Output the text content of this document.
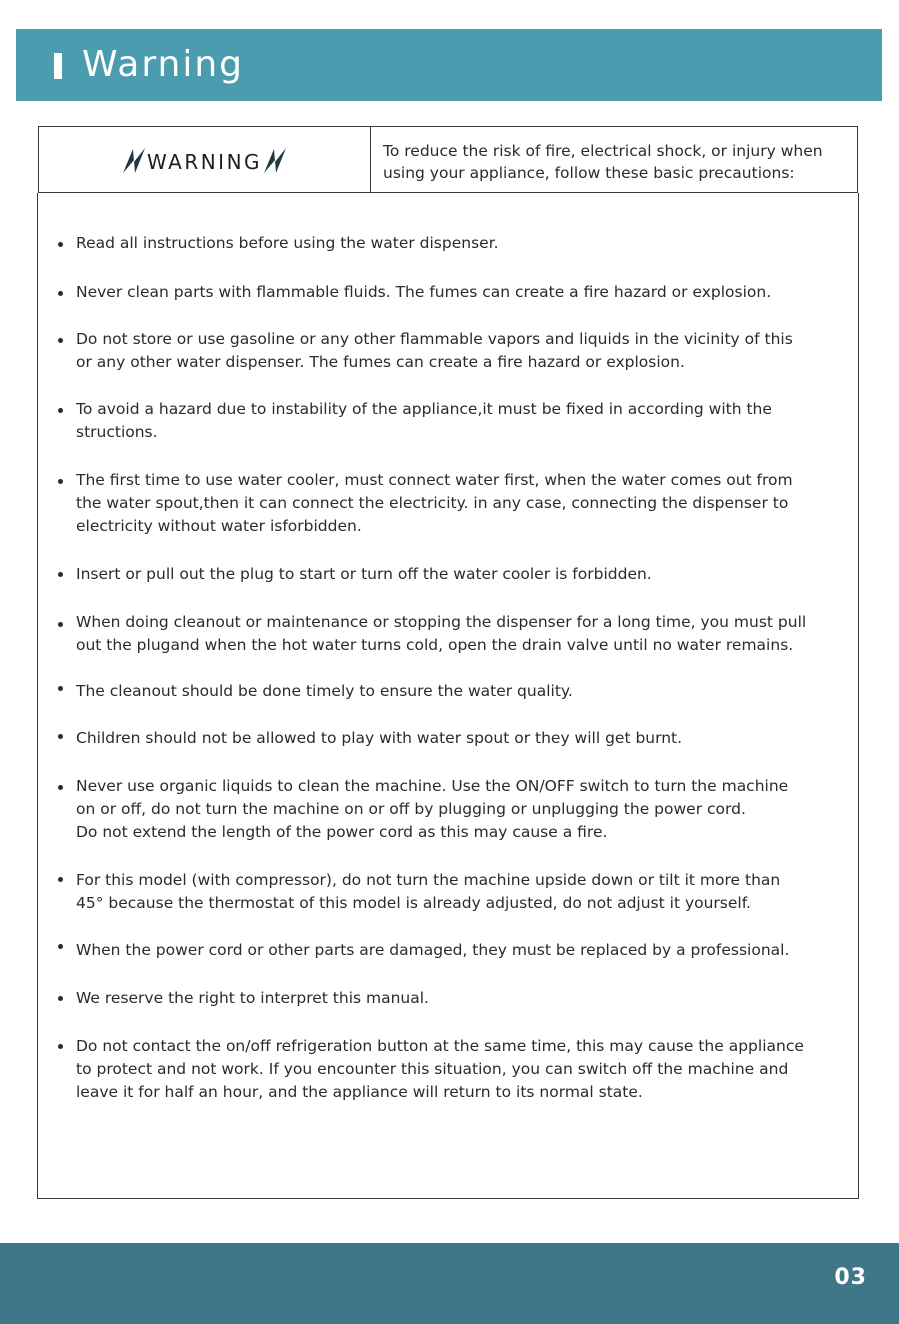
Warning
WARNING	To reduce the risk of fire, electrical shock, or injury when
using your appliance, follow these basic precautions:
Read all instructions before using the water dispenser.
Never clean parts with flammable fluids. The fumes can create a fire hazard or explosion.
Do not store or use gasoline or any other flammable vapors and liquids in the vicinity of this
or any other water dispenser. The fumes can create a fire hazard or explosion.
To avoid a hazard due to instability of the appliance,it must be fixed in according with the
structions.
The first time to use water cooler, must connect water first, when the water comes out from
the water spout,then it can connect the electricity. in any case, connecting the dispenser to
electricity without water isforbidden.
Insert or pull out the plug to start or turn off the water cooler is forbidden.
When doing cleanout or maintenance or stopping the dispenser for a long time, you must pull
out the plugand when the hot water turns cold, open the drain valve until no water remains.
The cleanout should be done timely to ensure the water quality.
Children should not be allowed to play with water spout or they will get burnt.
Never use organic liquids to clean the machine. Use the ON/OFF switch to turn the machine
on or off, do not turn the machine on or off by plugging or unplugging the power cord.
Do not extend the length of the power cord as this may cause a fire.
For this model (with compressor), do not turn the machine upside down or tilt it more than
45° because the thermostat of this model is already adjusted, do not adjust it yourself.
When the power cord or other parts are damaged, they must be replaced by a professional.
We reserve the right to interpret this manual.
Do not contact the on/off refrigeration button at the same time, this may cause the appliance
to protect and not work. If you encounter this situation, you can switch off the machine and
leave it for half an hour, and the appliance will return to its normal state.
03
